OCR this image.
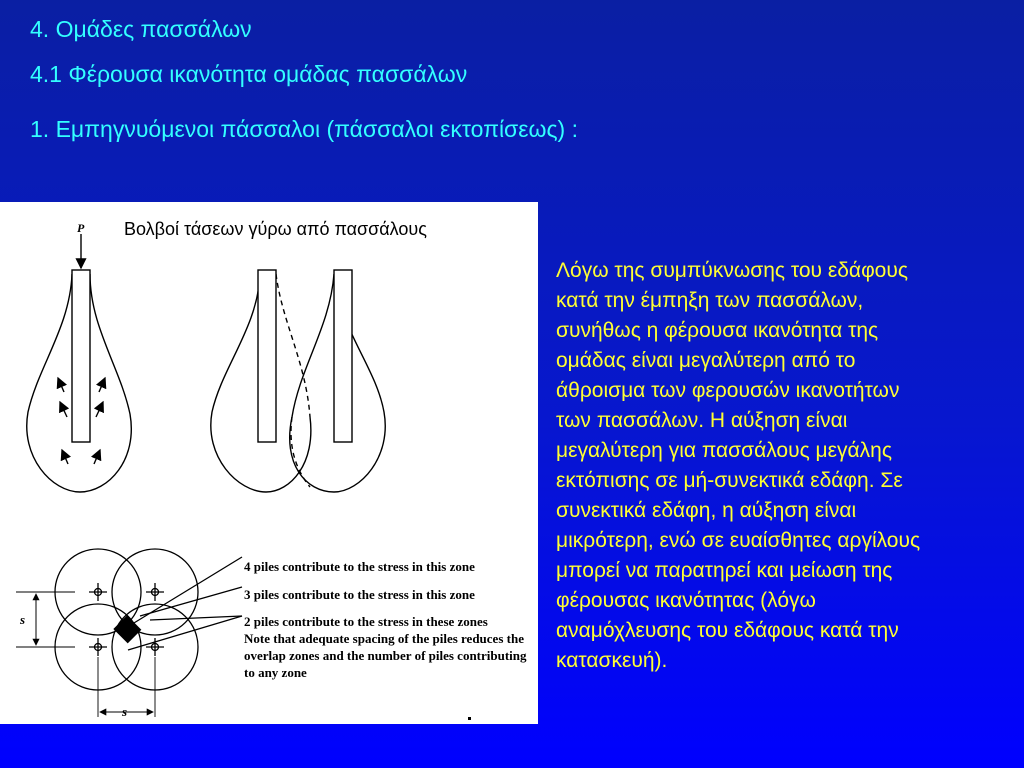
4. Ομάδες πασσάλων
4.1 Φέρουσα ικανότητα ομάδας πασσάλων
1. Εμπηγνυόμενοι πάσσαλοι (πάσσαλοι εκτοπίσεως) :
P Βολβοί τάσεων γύρω από πασσάλους
4 piles contribute to the stress in this zone
3 piles contribute to the stress in this zone
2 piles contribute to the stress in these zones
Note that adequate spacing of the piles reduces the overlap zones and the number of piles contributing to any zone
s
s
Λόγω της συμπύκνωσης του εδάφους
κατά την έμπηξη των πασσάλων,
συνήθως η φέρουσα ικανότητα της
ομάδας είναι μεγαλύτερη από το
άθροισμα των φερουσών ικανοτήτων
των πασσάλων. Η αύξηση είναι
μεγαλύτερη για πασσάλους μεγάλης
εκτόπισης σε μή-συνεκτικά εδάφη. Σε
συνεκτικά εδάφη, η αύξηση είναι
μικρότερη, ενώ σε ευαίσθητες αργίλους
μπορεί να παρατηρεί και μείωση της
φέρουσας ικανότητας (λόγω
αναμόχλευσης του εδάφους κατά την
κατασκευή).
